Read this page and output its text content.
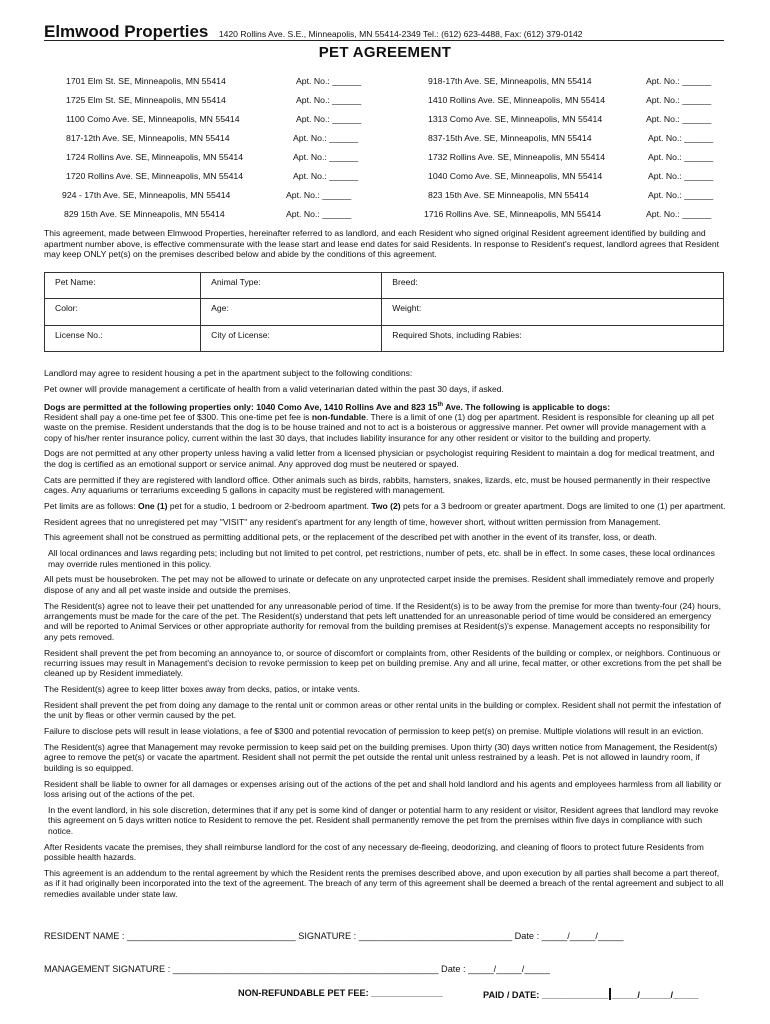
Elmwood Properties 1420 Rollins Ave. S.E., Minneapolis, MN 55414-2349 Tel.: (612) 623-4488, Fax: (612) 379-0142
PET AGREEMENT
1701 Elm St. SE, Minneapolis, MN 55414	Apt. No.: ______	918-17th Ave. SE, Minneapolis, MN 55414	Apt. No.: ______
1725 Elm St. SE, Minneapolis, MN 55414	Apt. No.: ______	1410 Rollins Ave. SE, Minneapolis, MN 55414	Apt. No.: ______
1100 Como Ave. SE, Minneapolis, MN 55414	Apt. No.: ______	1313 Como Ave. SE, Minneapolis, MN 55414	Apt. No.: ______
817-12th Ave. SE, Minneapolis, MN 55414	Apt. No.: ______	837-15th Ave. SE, Minneapolis, MN 55414	Apt. No.: ______
1724 Rollins Ave. SE, Minneapolis, MN 55414	Apt. No.: ______	1732 Rollins Ave. SE, Minneapolis, MN 55414	Apt. No.: ______
1720 Rollins Ave. SE, Minneapolis, MN 55414	Apt. No.: ______	1040 Como Ave. SE, Minneapolis, MN 55414	Apt. No.: ______
924 - 17th Ave. SE, Minneapolis, MN 55414	Apt. No.: ______	823 15th Ave. SE Minneapolis, MN 55414	Apt. No.: ______
829 15th Ave. SE Minneapolis, MN 55414	Apt. No.: ______	1716 Rollins Ave. SE, Minneapolis, MN 55414	Apt. No.: ______
This agreement, made between Elmwood Properties, hereinafter referred to as landlord, and each Resident who signed original Resident agreement identified by building and apartment number above, is effective commensurate with the lease start and lease end dates for said Residents. In response to Resident's request, landlord agrees that Resident may keep ONLY pet(s) on the premises described below and abide by the conditions of this agreement.
Pet Name:	Animal Type:	Breed:
Color:	Age:	Weight:
License No.:	City of License:	Required Shots, including Rabies:

Landlord may agree to resident housing a pet in the apartment subject to the following conditions:

Pet owner will provide management a certificate of health from a valid veterinarian dated within the past 30 days, if asked.

Dogs are permitted at the following properties only: 1040 Como Ave, 1410 Rollins Ave and 823 15th Ave. The following is applicable to dogs:
Resident shall pay a one-time pet fee of $300. This one-time pet fee is non-fundable. There is a limit of one (1) dog per apartment. Resident is responsible for cleaning up all pet waste on the premise. Resident understands that the dog is to be house trained and not to act is a boisterous or aggressive manner. Pet owner will provide management with a copy of his/her renter insurance policy, current within the last 30 days, that includes liability insurance for any other resident or visitor to the building and property.

Dogs are not permitted at any other property unless having a valid letter from a licensed physician or psychologist requiring Resident to maintain a dog for medical treatment, and the dog is certified as an emotional support or service animal. Any approved dog must be neutered or spayed.

Cats are permitted if they are registered with landlord office. Other animals such as birds, rabbits, hamsters, snakes, lizards, etc, must be housed permanently in their respective cages. Any aquariums or terrariums exceeding 5 gallons in capacity must be registered with management.

Pet limits are as follows: One (1) pet for a studio, 1 bedroom or 2-bedroom apartment. Two (2) pets for a 3 bedroom or greater apartment. Dogs are limited to one (1) per apartment.

Resident agrees that no unregistered pet may "VISIT" any resident's apartment for any length of time, however short, without written permission from Management.

This agreement shall not be construed as permitting additional pets, or the replacement of the described pet with another in the event of its transfer, loss, or death.

All local ordinances and laws regarding pets; including but not limited to pet control, pet restrictions, number of pets, etc. shall be in effect. In some cases, these local ordinances may override rules mentioned in this policy.

All pets must be housebroken. The pet may not be allowed to urinate or defecate on any unprotected carpet inside the premises. Resident shall immediately remove and properly dispose of any and all pet waste inside and outside the premises.

The Resident(s) agree not to leave their pet unattended for any unreasonable period of time. If the Resident(s) is to be away from the premise for more than twenty-four (24) hours, arrangements must be made for the care of the pet. The Resident(s) understand that pets left unattended for an unreasonable period of time would be considered an emergency and will be reported to Animal Services or other appropriate authority for removal from the building premises at Resident(s)'s expense. Management accepts no responsibility for any pets removed.

Resident shall prevent the pet from becoming an annoyance to, or source of discomfort or complaints from, other Residents of the building or complex, or neighbors. Continuous or recurring issues may result in Management's decision to revoke permission to keep pet on building premise. Any and all urine, fecal matter, or other excretions from the pet shall be cleaned up by Resident immediately.

The Resident(s) agree to keep litter boxes away from decks, patios, or intake vents.

Resident shall prevent the pet from doing any damage to the rental unit or common areas or other rental units in the building or complex. Resident shall not permit the infestation of the unit by fleas or other vermin caused by the pet.

Failure to disclose pets will result in lease violations, a fee of $300 and potential revocation of permission to keep pet(s) on premise. Multiple violations will result in an eviction.

The Resident(s) agree that Management may revoke permission to keep said pet on the building premises. Upon thirty (30) days written notice from Management, the Resident(s) agree to remove the pet(s) or vacate the apartment. Resident shall not permit the pet outside the rental unit unless restrained by a leash. Pet is not allowed in laundry room, if building is so equipped.

Resident shall be liable to owner for all damages or expenses arising out of the actions of the pet and shall hold landlord and his agents and employees harmless from all liability or loss arising out of the actions of the pet.

In the event landlord, in his sole discretion, determines that if any pet is some kind of danger or potential harm to any resident or visitor, Resident agrees that landlord may revoke this agreement on 5 days written notice to Resident to remove the pet. Resident shall permanently remove the pet from the premises within five days in compliance with such notice.

After Residents vacate the premises, they shall reimburse landlord for the cost of any necessary de-fleeing, deodorizing, and cleaning of floors to protect future Residents from possible health hazards.

This agreement is an addendum to the rental agreement by which the Resident rents the premises described above, and upon execution by all parties shall become a part thereof, as if it had originally been incorporated into the text of the agreement. The breach of any term of this agreement shall be deemed a breach of the rental agreement and subject to all remedies available under state law.

RESIDENT NAME : _________________________________ SIGNATURE : ______________________________ Date : _____/_____/_____
MANAGEMENT SIGNATURE : ____________________________________________________ Date : _____/_____/_____
NON-REFUNDABLE PET FEE: ______________	PAID / DATE: _____________ _____/______/_____
